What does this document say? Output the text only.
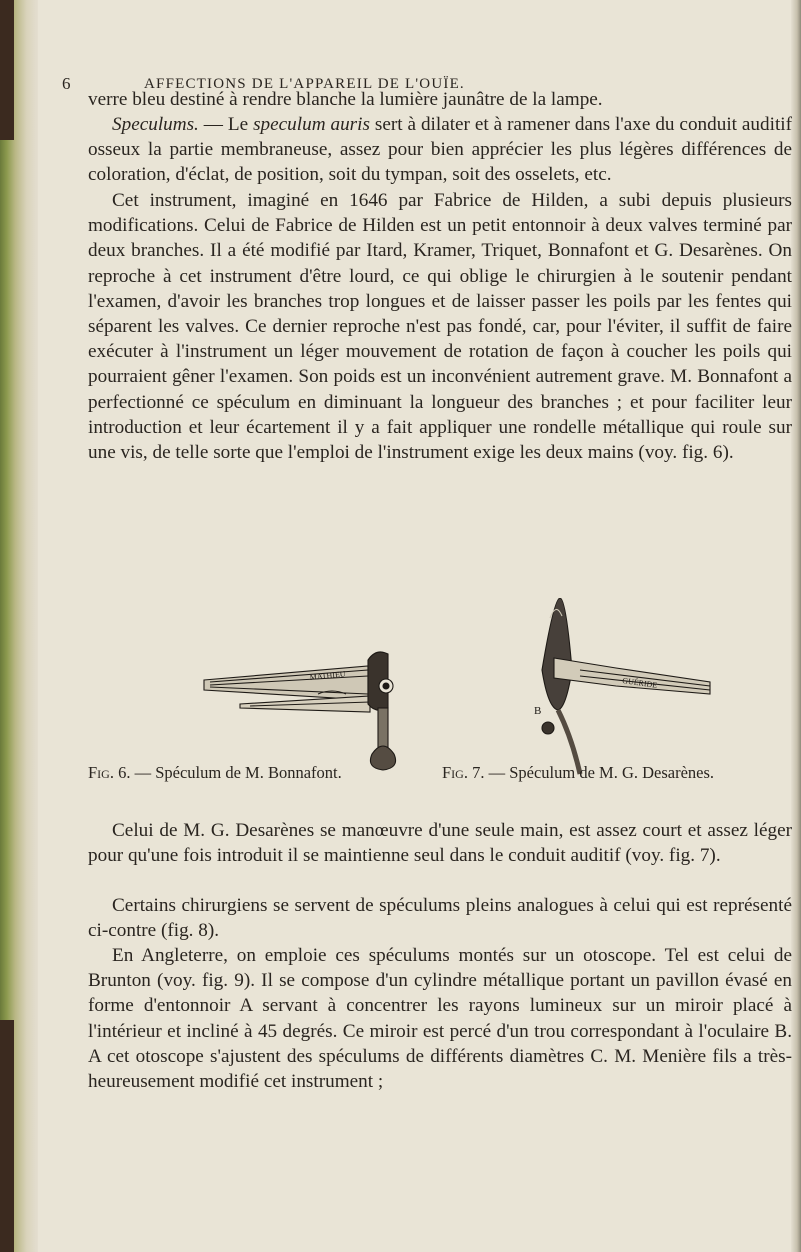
6	AFFECTIONS DE L'APPAREIL DE L'OUÏE.

verre bleu destiné à rendre blanche la lumière jaunâtre de la lampe.

Speculums. — Le speculum auris sert à dilater et à ramener dans l'axe du conduit auditif osseux la partie membraneuse, assez pour bien apprécier les plus légères différences de coloration, d'éclat, de position, soit du tympan, soit des osselets, etc.

Cet instrument, imaginé en 1646 par Fabrice de Hilden, a subi depuis plusieurs modifications. Celui de Fabrice de Hilden est un petit entonnoir à deux valves terminé par deux branches. Il a été modifié par Itard, Kramer, Triquet, Bonnafont et G. Desarènes. On reproche à cet instrument d'être lourd, ce qui oblige le chirurgien à le soutenir pendant l'examen, d'avoir les branches trop longues et de laisser passer les poils par les fentes qui séparent les valves. Ce dernier reproche n'est pas fondé, car, pour l'éviter, il suffit de faire exécuter à l'instrument un léger mouvement de rotation de façon à coucher les poils qui pourraient gêner l'examen. Son poids est un inconvénient autrement grave. M. Bonnafont a perfectionné ce spéculum en diminuant la longueur des branches ; et pour faciliter leur introduction et leur écartement il y a fait appliquer une rondelle métallique qui roule sur une vis, de telle sorte que l'emploi de l'instrument exige les deux mains (voy. fig. 6).

MATHIEU
GUÉRIDE
B
Fig. 6. — Spéculum de M. Bonnafont.	Fig. 7. — Spéculum de M. G. Desarènes.

Celui de M. G. Desarènes se manœuvre d'une seule main, est assez court et assez léger pour qu'une fois introduit il se maintienne seul dans le conduit auditif (voy. fig. 7).

Certains chirurgiens se servent de spéculums pleins analogues à celui qui est représenté ci-contre (fig. 8).

En Angleterre, on emploie ces spéculums montés sur un otoscope. Tel est celui de Brunton (voy. fig. 9). Il se compose d'un cylindre métallique portant un pavillon évasé en forme d'entonnoir A servant à concentrer les rayons lumineux sur un miroir placé à l'intérieur et incliné à 45 degrés. Ce miroir est percé d'un trou correspondant à l'oculaire B. A cet otoscope s'ajustent des spéculums de différents diamètres C. M. Menière fils a très-heureusement modifié cet instrument ;
